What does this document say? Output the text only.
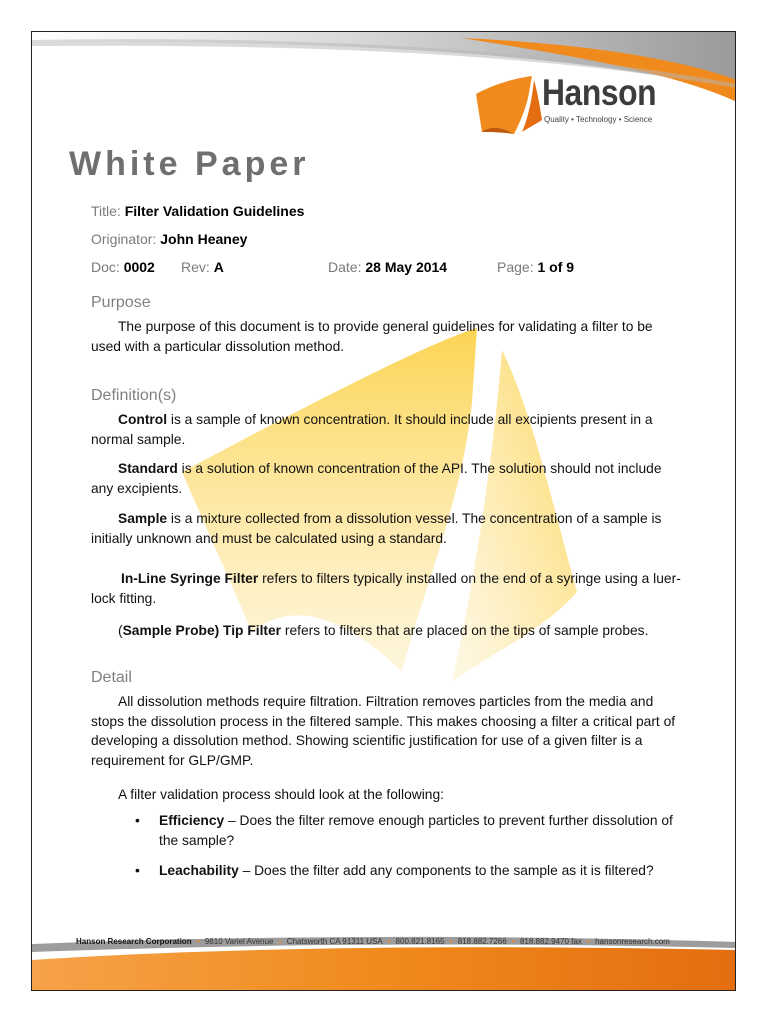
Hanson
Quality • Technology • Science
White Paper
Title: Filter Validation Guidelines
Originator: John Heaney
Doc: 0002 Rev: A	Date: 28 May 2014	Page: 1 of 9
Purpose
The purpose of this document is to provide general guidelines for validating a filter to be used with a particular dissolution method.
Definition(s)
Control is a sample of known concentration. It should include all excipients present in a normal sample.
Standard is a solution of known concentration of the API. The solution should not include any excipients.
Sample is a mixture collected from a dissolution vessel. The concentration of a sample is initially unknown and must be calculated using a standard.
In-Line Syringe Filter refers to filters typically installed on the end of a syringe using a luer-lock fitting.
(Sample Probe) Tip Filter refers to filters that are placed on the tips of sample probes.
Detail
All dissolution methods require filtration. Filtration removes particles from the media and stops the dissolution process in the filtered sample. This makes choosing a filter a critical part of developing a dissolution method. Showing scientific justification for use of a given filter is a requirement for GLP/GMP.
A filter validation process should look at the following:
• Efficiency – Does the filter remove enough particles to prevent further dissolution of the sample?
• Leachability – Does the filter add any components to the sample as it is filtered?
Hanson Research Corporation • 9810 Variel Avenue • Chatsworth CA 91311 USA • 800.821.8165 • 818.882.7266 • 818.882.9470 fax • hansonresearch.com
